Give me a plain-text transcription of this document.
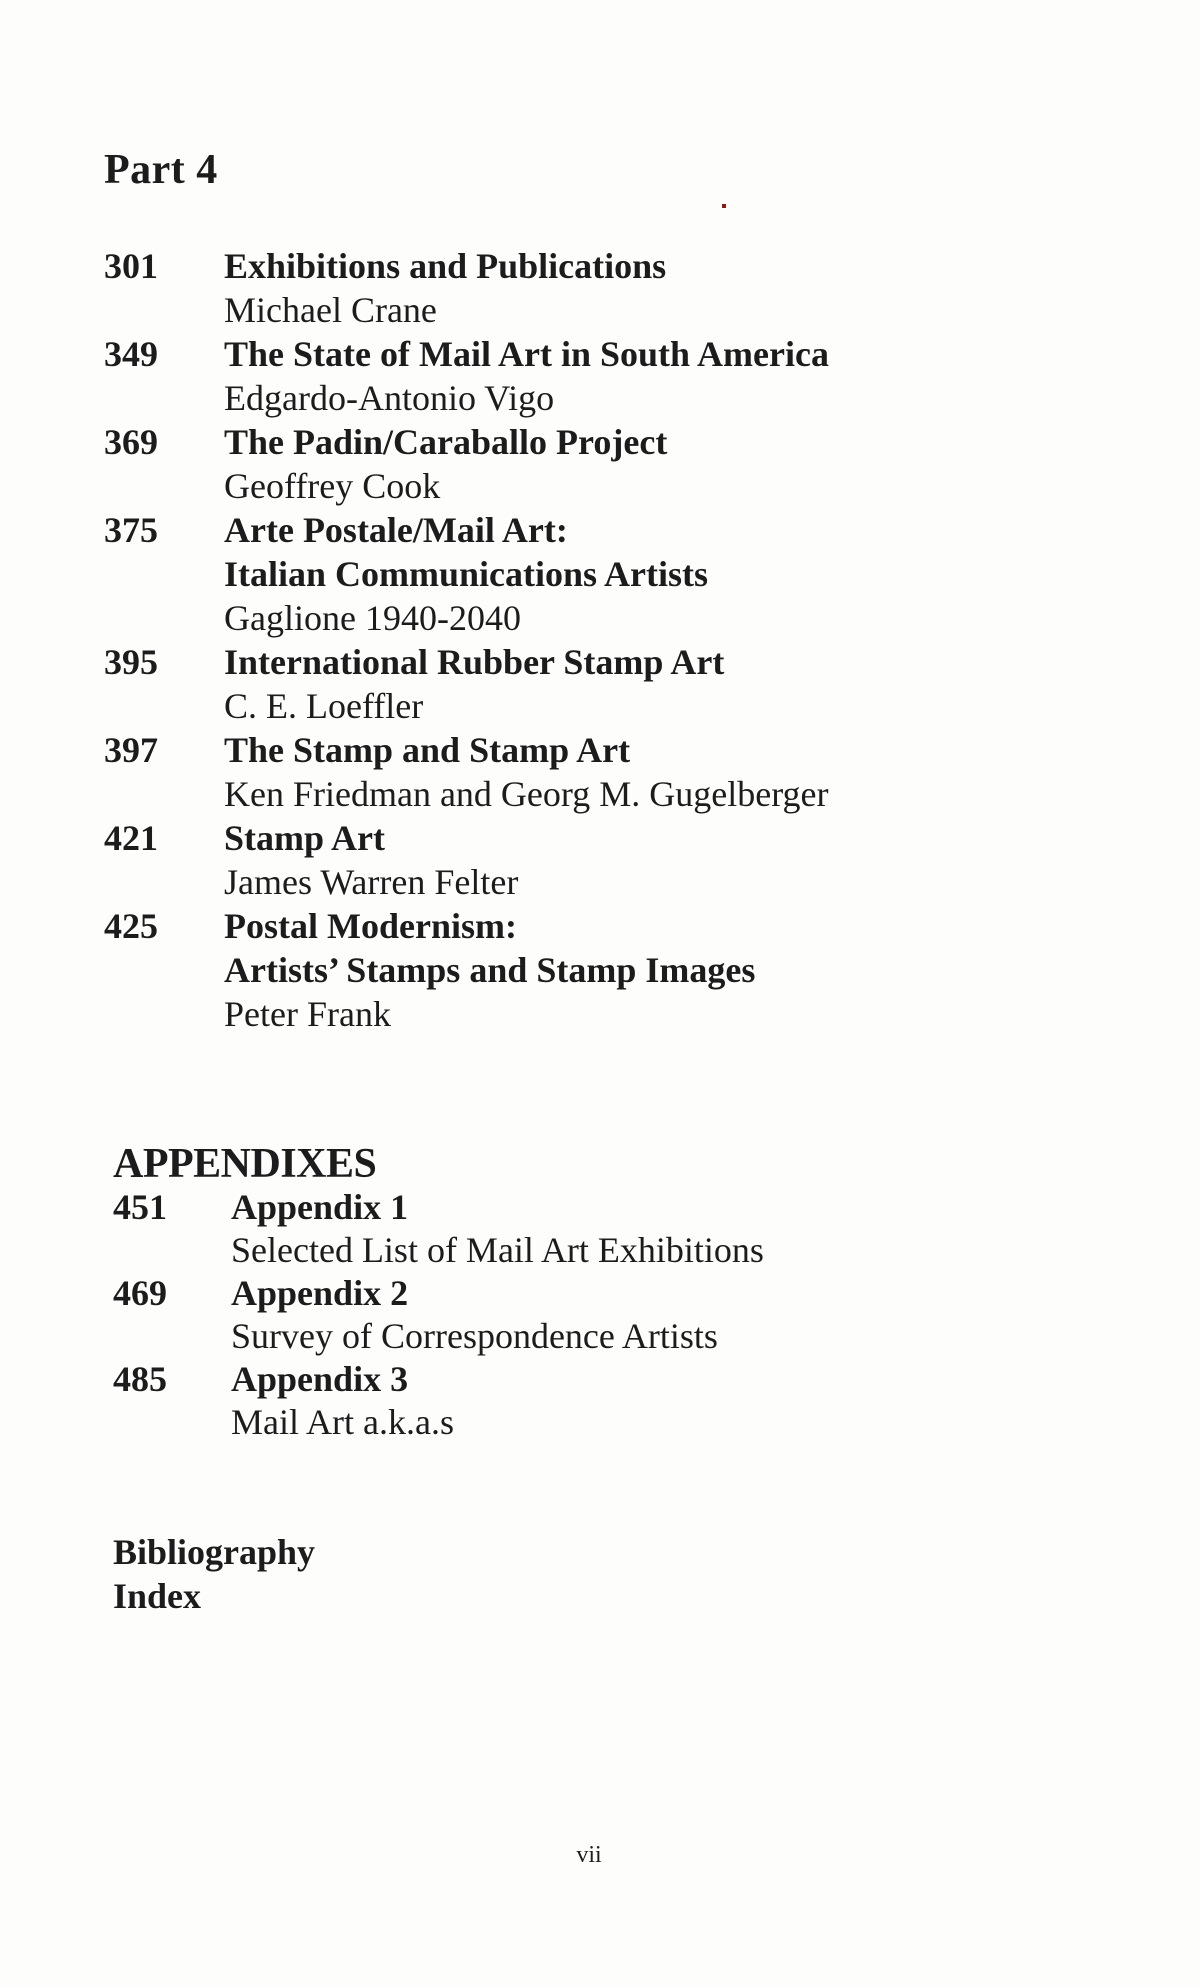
Part 4
301	Exhibitions and Publications
Michael Crane
349	The State of Mail Art in South America
Edgardo-Antonio Vigo
369	The Padin/Caraballo Project
Geoffrey Cook
375	Arte Postale/Mail Art:
Italian Communications Artists
Gaglione 1940-2040
395	International Rubber Stamp Art
C. E. Loeffler
397	The Stamp and Stamp Art
Ken Friedman and Georg M. Gugelberger
421	Stamp Art
James Warren Felter
425	Postal Modernism:
Artists’ Stamps and Stamp Images
Peter Frank
APPENDIXES
451	Appendix 1
Selected List of Mail Art Exhibitions
469	Appendix 2
Survey of Correspondence Artists
485	Appendix 3
Mail Art a.k.a.s
Bibliography
Index
vii
